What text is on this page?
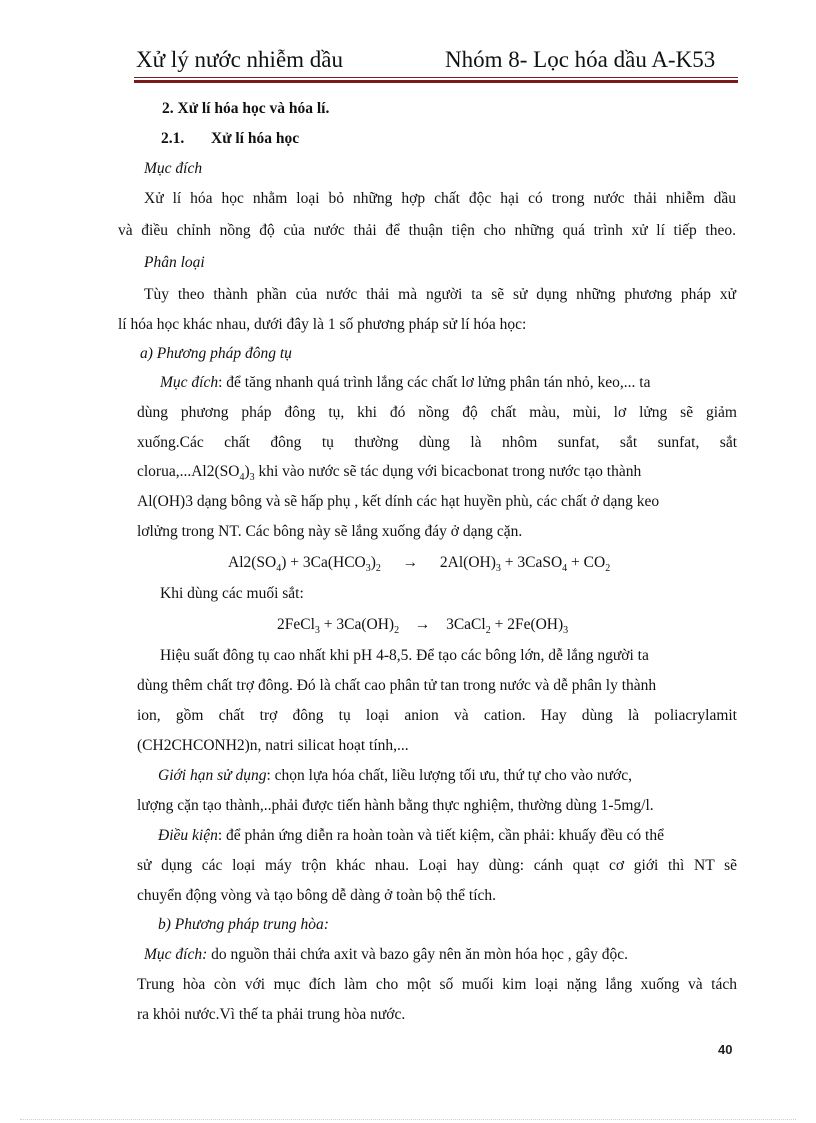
Xử lý nước nhiễm dầu	Nhóm 8- Lọc hóa dầu A-K53
2. Xử lí hóa học và hóa lí.
2.1. Xử lí hóa học
Mục đích
Xử lí hóa học nhằm loại bỏ những hợp chất độc hại có trong nước thải nhiễm dầu
và điều chỉnh nồng độ của nước thải để thuận tiện cho những quá trình xử lí tiếp theo.
Phân loại
Tùy theo thành phần của nước thải mà người ta sẽ sử dụng những phương pháp xử
lí hóa học khác nhau, dưới đây là 1 số phương pháp sử lí hóa học:
a) Phương pháp đông tụ
Mục đích: để tăng nhanh quá trình lắng các chất lơ lửng phân tán nhỏ, keo,... ta
dùng phương pháp đông tụ, khi đó nồng độ chất màu, mùi, lơ lửng sẽ giảm
xuống.Các chất đông tụ thường dùng là nhôm sunfat, sắt sunfat, sắt
$clorua,...Al2(SO_4)_3$ khi vào nước sẽ tác dụng với bicacbonat trong nước tạo thành
Al(OH)3 dạng bông và sẽ hấp phụ , kết dính các hạt huyền phù, các chất ở dạng keo
lơlửng trong NT. Các bông này sẽ lắng xuống đáy ở dạng cặn.
$Al2(SO_4) + 3Ca(HCO_3)_2 \to 2Al(OH)_3$ + 3CaSO$_4$ + $CO_2$
Khi dùng các muối sắt:
2FeCl$_3$ + $3Ca(OH)_2$ → 3CaCl$_2$ + $2Fe(OH)_3$
Hiệu suất đông tụ cao nhất khi pH 4-8,5. Để tạo các bông lớn, dễ lắng người ta
dùng thêm chất trợ đông. Đó là chất cao phân tử tan trong nước và dễ phân ly thành
ion, gồm chất trợ đông tụ loại anion và cation. Hay dùng là poliacrylamit
(CH2CHCONH2)n, natri silicat hoạt tính,...
Giới hạn sử dụng: chọn lựa hóa chất, liều lượng tối ưu, thứ tự cho vào nước,
lượng cặn tạo thành,..phải được tiến hành bằng thực nghiệm, thường dùng 1-5mg/l.
Điều kiện: để phản ứng diễn ra hoàn toàn và tiết kiệm, cần phải: khuấy đều có thể
sử dụng các loại máy trộn khác nhau. Loại hay dùng: cánh quạt cơ giới thì NT sẽ
chuyển động vòng và tạo bông dễ dàng ở toàn bộ thể tích.
b) Phương pháp trung hòa:
Mục đích: do nguồn thải chứa axit và bazo gây nên ăn mòn hóa học , gây độc.
Trung hòa còn với mục đích làm cho một số muối kim loại nặng lắng xuống và tách
ra khỏi nước.Vì thế ta phải trung hòa nước.
40
